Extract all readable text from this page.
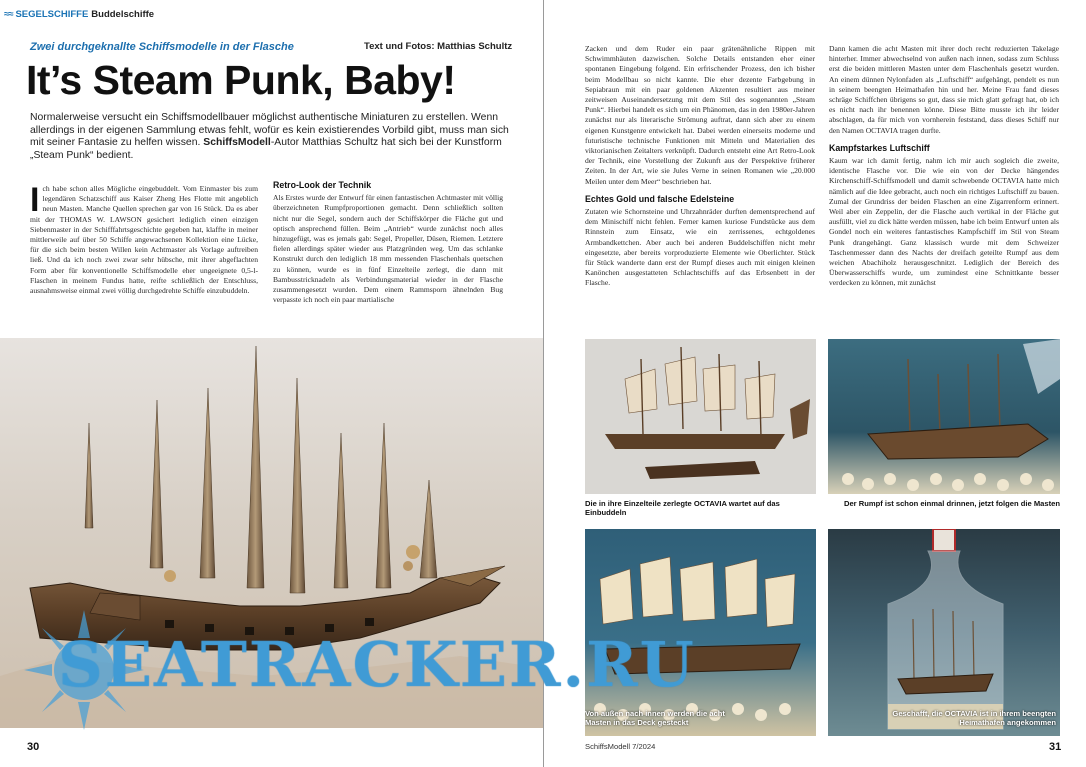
≈≈ SEGELSCHIFFE Buddelschiffe
Zwei durchgeknallte Schiffsmodelle in der Flasche	Text und Fotos: Matthias Schultz
It’s Steam Punk, Baby!
Normalerweise versucht ein Schiffsmodellbauer möglichst authentische Miniaturen zu erstellen. Wenn allerdings in der eigenen Sammlung etwas fehlt, wofür es kein existierendes Vorbild gibt, muss man sich mit seiner Fantasie zu helfen wissen. SchiffsModell-Autor Matthias Schultz hat sich bei der Kunstform „Steam Punk“ bedient.
Ich habe schon alles Mögliche eingebuddelt. Vom Einmaster bis zum legendären Schatzschiff aus Kaiser Zheng Hes Flotte mit angeblich neun Masten. Manche Quellen sprechen gar von 16 Stück. Da es aber mit der THOMAS W. LAWSON gesichert lediglich einen einzigen Siebenmaster in der Schifffahrtsgeschichte gegeben hat, klaffte in meiner mittlerweile auf über 50 Schiffe angewachsenen Kollektion eine Lücke, für die sich beim besten Willen kein Achtmaster als Vorlage auftreiben ließ. Und da ich noch zwei zwar sehr hübsche, mit ihrer abgeflachten Form aber für konventionelle Schiffsmodelle eher ungeeignete 0,5-l-Flaschen in meinem Fundus hatte, reifte schließlich der Entschluss, ausnahmsweise einmal zwei völlig durchgedrehte Schiffe einzubuddeln.
Retro-Look der Technik
Als Erstes wurde der Entwurf für einen fantastischen Achtmaster mit völlig überzeichneten Rumpfproportionen gemacht. Denn schließlich sollten nicht nur die Segel, sondern auch der Schiffskörper die Fläche gut und optisch ansprechend füllen. Beim „Antrieb“ wurde zunächst noch alles hinzugefügt, was es jemals gab: Segel, Propeller, Düsen, Riemen. Letztere fielen allerdings später wieder aus Platzgründen weg. Um das schlanke Konstrukt durch den lediglich 18 mm messenden Flaschenhals quetschen zu können, wurde es in fünf Einzelteile zerlegt, die dann mit Bambusstricknadeln als Verbindungsmaterial wieder in der Flasche zusammengesetzt wurden. Dem einem Rammsporn ähnelnden Bug verpasste ich noch ein paar martialische
30
Zacken und dem Ruder ein paar grätenähnliche Rippen mit Schwimmhäuten dazwischen. Solche Details entstanden eher einer spontanen Eingebung folgend. Ein erfrischender Prozess, den ich bisher beim Modellbau so nicht kannte. Die eher dezente Farbgebung in Sepiabraun mit ein paar goldenen Akzenten resultiert aus meiner zeitweisen Auseinandersetzung mit dem Stil des sogenannten „Steam Punk“. Hierbei handelt es sich um ein Phänomen, das in den 1980er-Jahren zunächst nur als literarische Strömung auftrat, dann sich aber zu einem eigenen Kunstgenre entwickelt hat. Dabei werden einerseits moderne und futuristische technische Funktionen mit Mitteln und Materialien des viktorianischen Zeitalters verknüpft. Dadurch entsteht eine Art Retro-Look der Technik, eine Vorstellung der Zukunft aus der Perspektive früherer Zeiten. In der Art, wie sie Jules Verne in seinen Romanen wie „20.000 Meilen unter dem Meer“ beschrieben hat.
Echtes Gold und falsche Edelsteine
Zutaten wie Schornsteine und Uhrzahnräder durften dementsprechend auf dem Minischiff nicht fehlen. Ferner kamen kuriose Fundstücke aus dem Rinnstein zum Einsatz, wie ein zerrissenes, echtgoldenes Armbandkettchen. Aber auch bei anderen Buddelschiffen nicht mehr eingesetzte, aber bereits vorproduzierte Elemente wie Oberlichter. Stück für Stück wanderte dann erst der Rumpf dieses auch mit einigen kleinen Kanönchen ausgestatteten Schlachtschiffs auf das Erbsenbett in der Flasche.
Dann kamen die acht Masten mit ihrer doch recht reduzierten Takelage hinterher. Immer abwechselnd von außen nach innen, sodass zum Schluss erst die beiden mittleren Masten unter dem Flaschenhals gesetzt wurden. An einem dünnen Nylonfaden als „Luftschiff“ aufgehängt, pendelt es nun in seinem beengten Heimathafen hin und her. Meine Frau fand dieses schräge Schiffchen übrigens so gut, dass sie mich glatt gefragt hat, ob ich es nicht nach ihr benennen könne. Diese Bitte musste ich ihr leider abschlagen, da für mich von vornherein feststand, dass dieses Schiff nur den Namen OCTAVIA tragen durfte.
Kampfstarkes Luftschiff
Kaum war ich damit fertig, nahm ich mir auch sogleich die zweite, identische Flasche vor. Die wie ein von der Decke hängendes Kirchenschiff-Schiffsmodell und damit schwebende OCTAVIA hatte mich nämlich auf die Idee gebracht, auch noch ein richtiges Luftschiff zu bauen. Zumal der Grundriss der beiden Flaschen an eine Zigarrenform erinnert. Weil aber ein Zeppelin, der die Flasche auch vertikal in der Fläche gut ausfüllt, viel zu dick hätte werden müssen, habe ich beim Entwurf unten als Gondel noch ein weiteres fantastisches Kampfschiff im Stil von Steam Punk drangehängt. Ganz klassisch wurde mit dem Schweizer Taschenmesser dann des Nachts der dreifach geteilte Rumpf aus dem weichen Abachiholz herausgeschnitzt. Lediglich der Bereich des Überwasserschiffs wurde, um zumindest eine Schnittkante besser verdecken zu können, mit zunächst
Die in ihre Einzelteile zerlegte OCTAVIA wartet auf das Einbuddeln
Der Rumpf ist schon einmal drinnen, jetzt folgen die Masten
Von außen nach innen werden die acht Masten in das Deck gesteckt
Geschafft, die OCTAVIA ist in ihrem beengten Heimathafen angekommen
SchiffsModell 7/2024	31
SEATRACKER.RU
